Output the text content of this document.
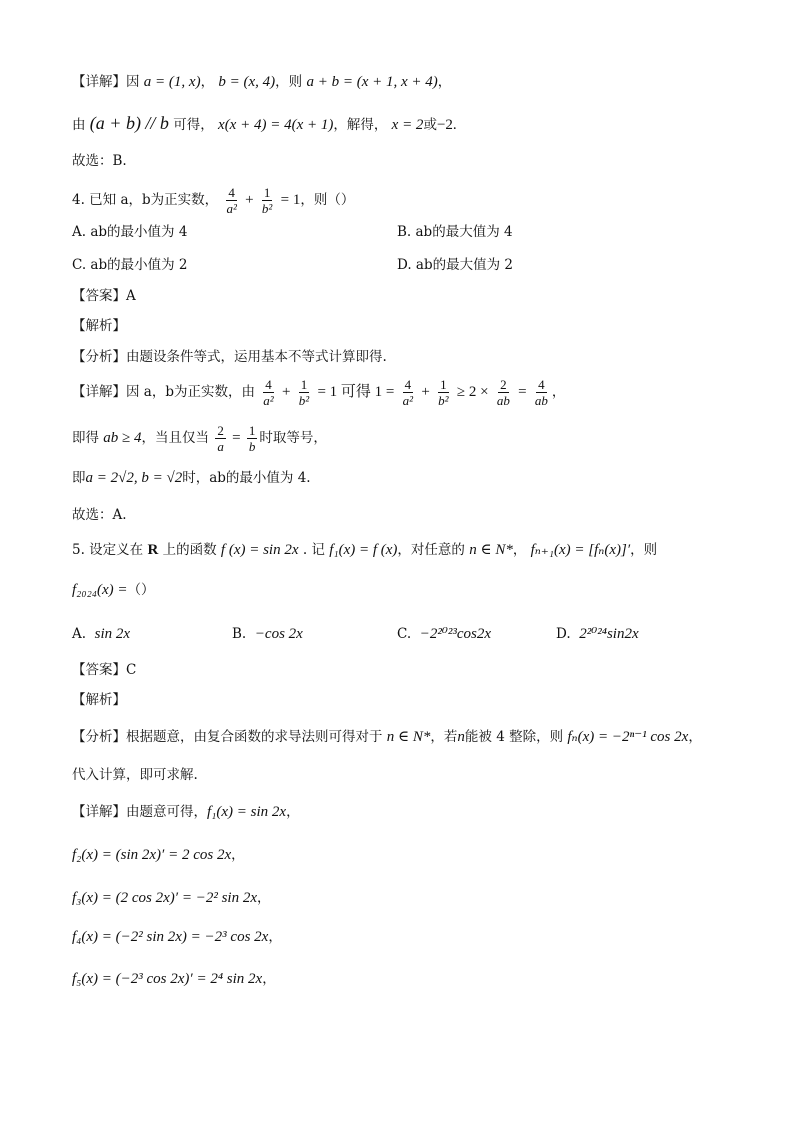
【详解】因 a = (1, x)， b = (x, 4)，则 a + b = (x + 1, x + 4)，
由 (a + b) // b 可得， x(x + 4) = 4(x + 1)，解得， x = 2或−2.
故选：B.
4. 已知 a，b为正实数， $\frac{4}{\text{a²}} + \frac{1}{\text{b²}} = 1$，则（）
A. ab的最小值为 4	B. ab的最大值为 4
C. ab的最小值为 2	D. ab的最大值为 2
【答案】A
【解析】
【分析】由题设条件等式，运用基本不等式计算即得.
【详解】因 a，b为正实数，由 $\frac{4}{\text{a²}} + \frac{1}{\text{b²}} = 1$ 可得 $1 = \frac{4}{\text{a²}} + \frac{1}{\text{b²}} \ge 2 \times \frac{2}{ab} = \frac{4}{ab}$ ，
即得 ab ≥ 4，当且仅当 $\frac{2}{a} = \frac{1}{b}$ 时取等号，
即a = 2√2, b = √2时，ab的最小值为 4.
故选：A.
5. 设定义在 R 上的函数 f (x) = sin 2x . 记 f₁(x) = f (x)，对任意的 n ∈ N*， fₙ₊₁(x) = [fₙ(x)]′，则
f₂₀₂₄(x) =（）
A. sin 2x	B. −cos 2x	C. −2²⁰²³cos2x	D. 2²⁰²⁴sin2x
【答案】C
【解析】
【分析】根据题意，由复合函数的求导法则可得对于 n ∈ N*，若n能被 4 整除，则 fₙ(x) = −2ⁿ⁻¹ cos 2x，
代入计算，即可求解.
【详解】由题意可得，f₁(x) = sin 2x，
f₂(x) = (sin 2x)′ = 2 cos 2x，
f₃(x) = (2 cos 2x)′ = −2² sin 2x，
f₄(x) = (−2² sin 2x) = −2³ cos 2x，
f₅(x) = (−2³ cos 2x)′ = 2⁴ sin 2x，
